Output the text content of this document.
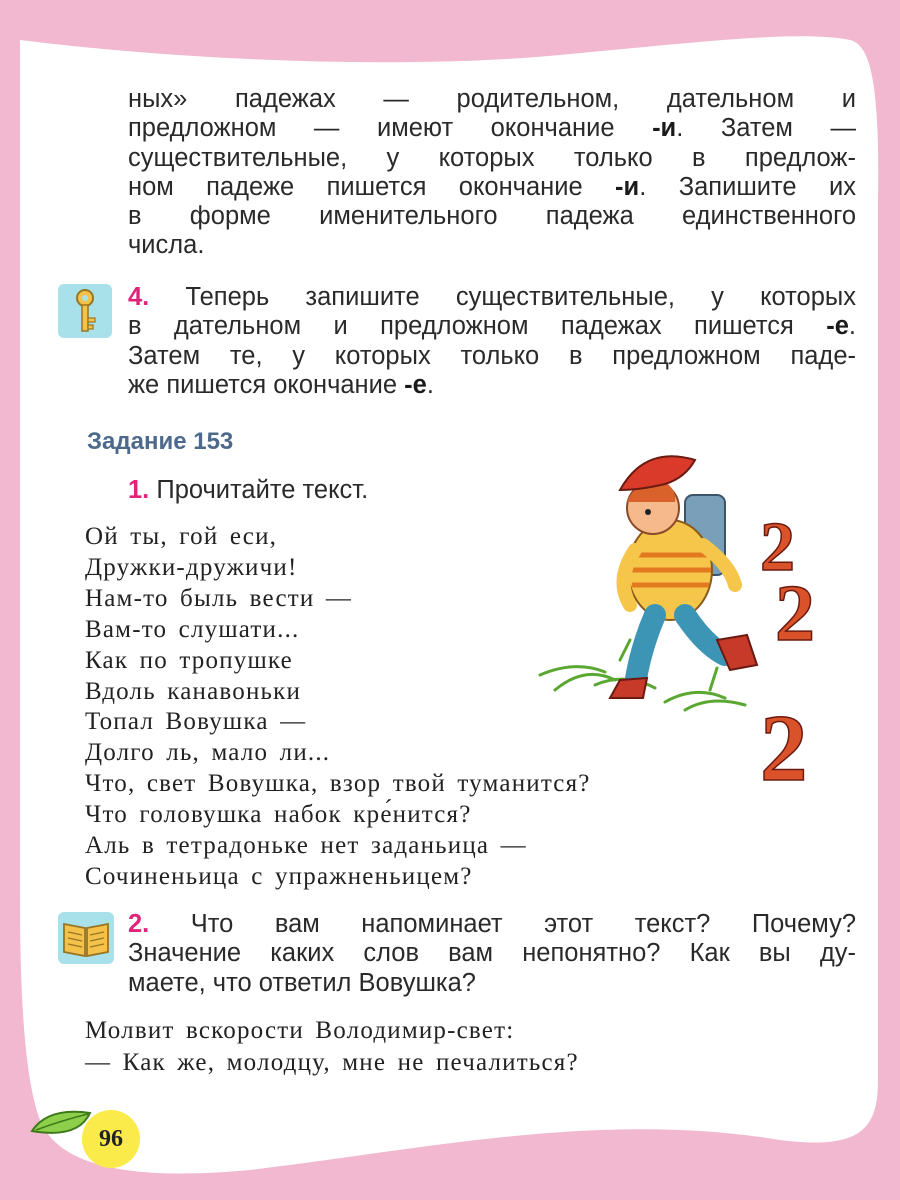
ных» падежах — родительном, дательном и
предложном — имеют окончание -и. Затем —
существительные, у которых только в предлож-
ном падеже пишется окончание -и. Запишите их
в форме именительного падежа единственного
числа.
4. Теперь запишите существительные, у которых
в дательном и предложном падежах пишется -е.
Затем те, у которых только в предложном паде-
же пишется окончание -е.
Задание 153
1. Прочитайте текст.
Ой ты, гой еси,
Дружки-дружичи!
Нам-то быль вести —
Вам-то слушати...
Как по тропушке
Вдоль канавоньки
Топал Вовушка —
Долго ль, мало ли...
Что, свет Вовушка, взор твой туманится?
Что головушка набок кре́нится?
Аль в тетрадоньке нет заданьица —
Сочиненьица с упражненьицем?
2
2
2
2. Что вам напоминает этот текст? Почему?
Значение каких слов вам непонятно? Как вы ду-
маете, что ответил Вовушка?
Молвит вскорости Володимир-свет:
— Как же, молодцу, мне не печалиться?
96
